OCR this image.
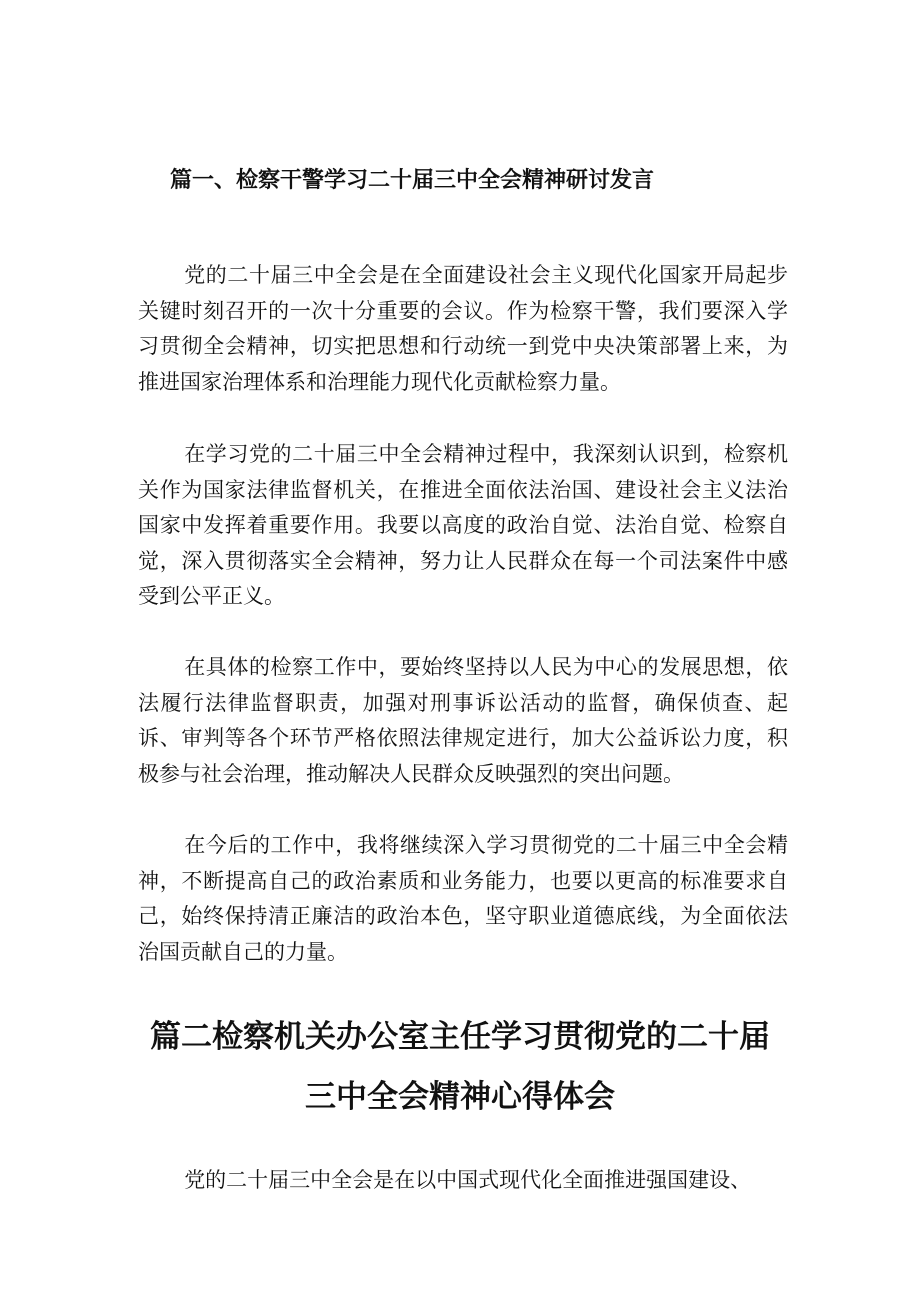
篇一、检察干警学习二十届三中全会精神研讨发言

党的二十届三中全会是在全面建设社会主义现代化国家开局起步关键时刻召开的一次十分重要的会议。作为检察干警，我们要深入学习贯彻全会精神，切实把思想和行动统一到党中央决策部署上来，为推进国家治理体系和治理能力现代化贡献检察力量。

在学习党的二十届三中全会精神过程中，我深刻认识到，检察机关作为国家法律监督机关，在推进全面依法治国、建设社会主义法治国家中发挥着重要作用。我要以高度的政治自觉、法治自觉、检察自觉，深入贯彻落实全会精神，努力让人民群众在每一个司法案件中感受到公平正义。

在具体的检察工作中，要始终坚持以人民为中心的发展思想，依法履行法律监督职责，加强对刑事诉讼活动的监督，确保侦查、起诉、审判等各个环节严格依照法律规定进行，加大公益诉讼力度，积极参与社会治理，推动解决人民群众反映强烈的突出问题。

在今后的工作中，我将继续深入学习贯彻党的二十届三中全会精神，不断提高自己的政治素质和业务能力，也要以更高的标准要求自己，始终保持清正廉洁的政治本色，坚守职业道德底线，为全面依法治国贡献自己的力量。

篇二检察机关办公室主任学习贯彻党的二十届三中全会精神心得体会

党的二十届三中全会是在以中国式现代化全面推进强国建设、
